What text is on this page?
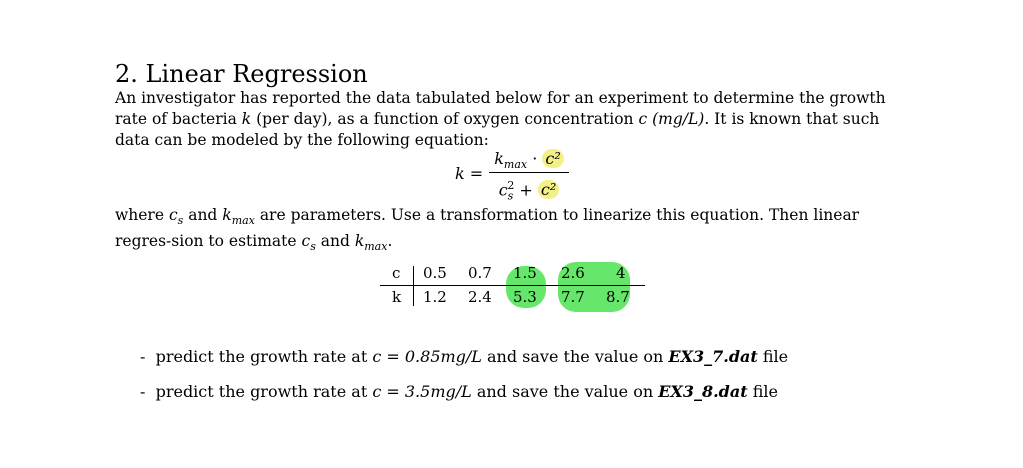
2. Linear Regression
An investigator has reported the data tabulated below for an experiment to determine the growth rate of bacteria k (per day), as a function of oxygen concentration c (mg/L). It is known that such data can be modeled by the following equation:
k =
$k_{max} \cdot c^2$
$c_s^2 + c^2$
where $c_s$ and $k_{max}$ are parameters. Use a transformation to linearize this equation. Then linear regres-sion to estimate $c_s$ and $k_{max}$.
c
k
0.5 0.7 1.5 2.6 4
1.2 2.4 5.3 7.7 8.7
- predict the growth rate at c = 0.85mg/L and save the value on EX3_7.dat file
- predict the growth rate at c = 3.5mg/L and save the value on EX3_8.dat file
